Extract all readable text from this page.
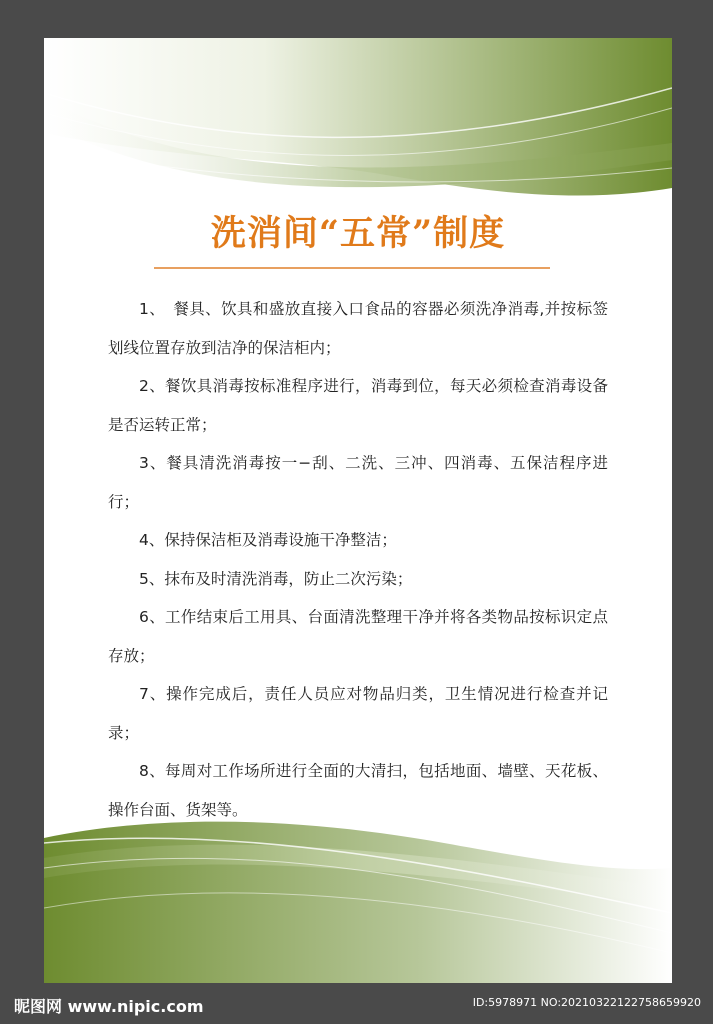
洗消间“五常”制度
1、　餐具、饮具和盛放直接入口食品的容器必须洗净消毒,并按标签划线位置存放到洁净的保洁柜内；
2、餐饮具消毒按标准程序进行，消毒到位，每天必须检查消毒设备是否运转正常；
3、餐具清洗消毒按一−刮、二洗、三冲、四消毒、五保洁程序进行；
4、保持保洁柜及消毒设施干净整洁；
5、抹布及时清洗消毒，防止二次污染；
6、工作结束后工用具、台面清洗整理干净并将各类物品按标识定点存放；
7、操作完成后，责任人员应对物品归类，卫生情况进行检查并记录；
8、每周对工作场所进行全面的大清扫，包括地面、墙壁、天花板、操作台面、货架等。
昵图网 www.nipic.com	ID:5978971 NO:20210322122758659920
